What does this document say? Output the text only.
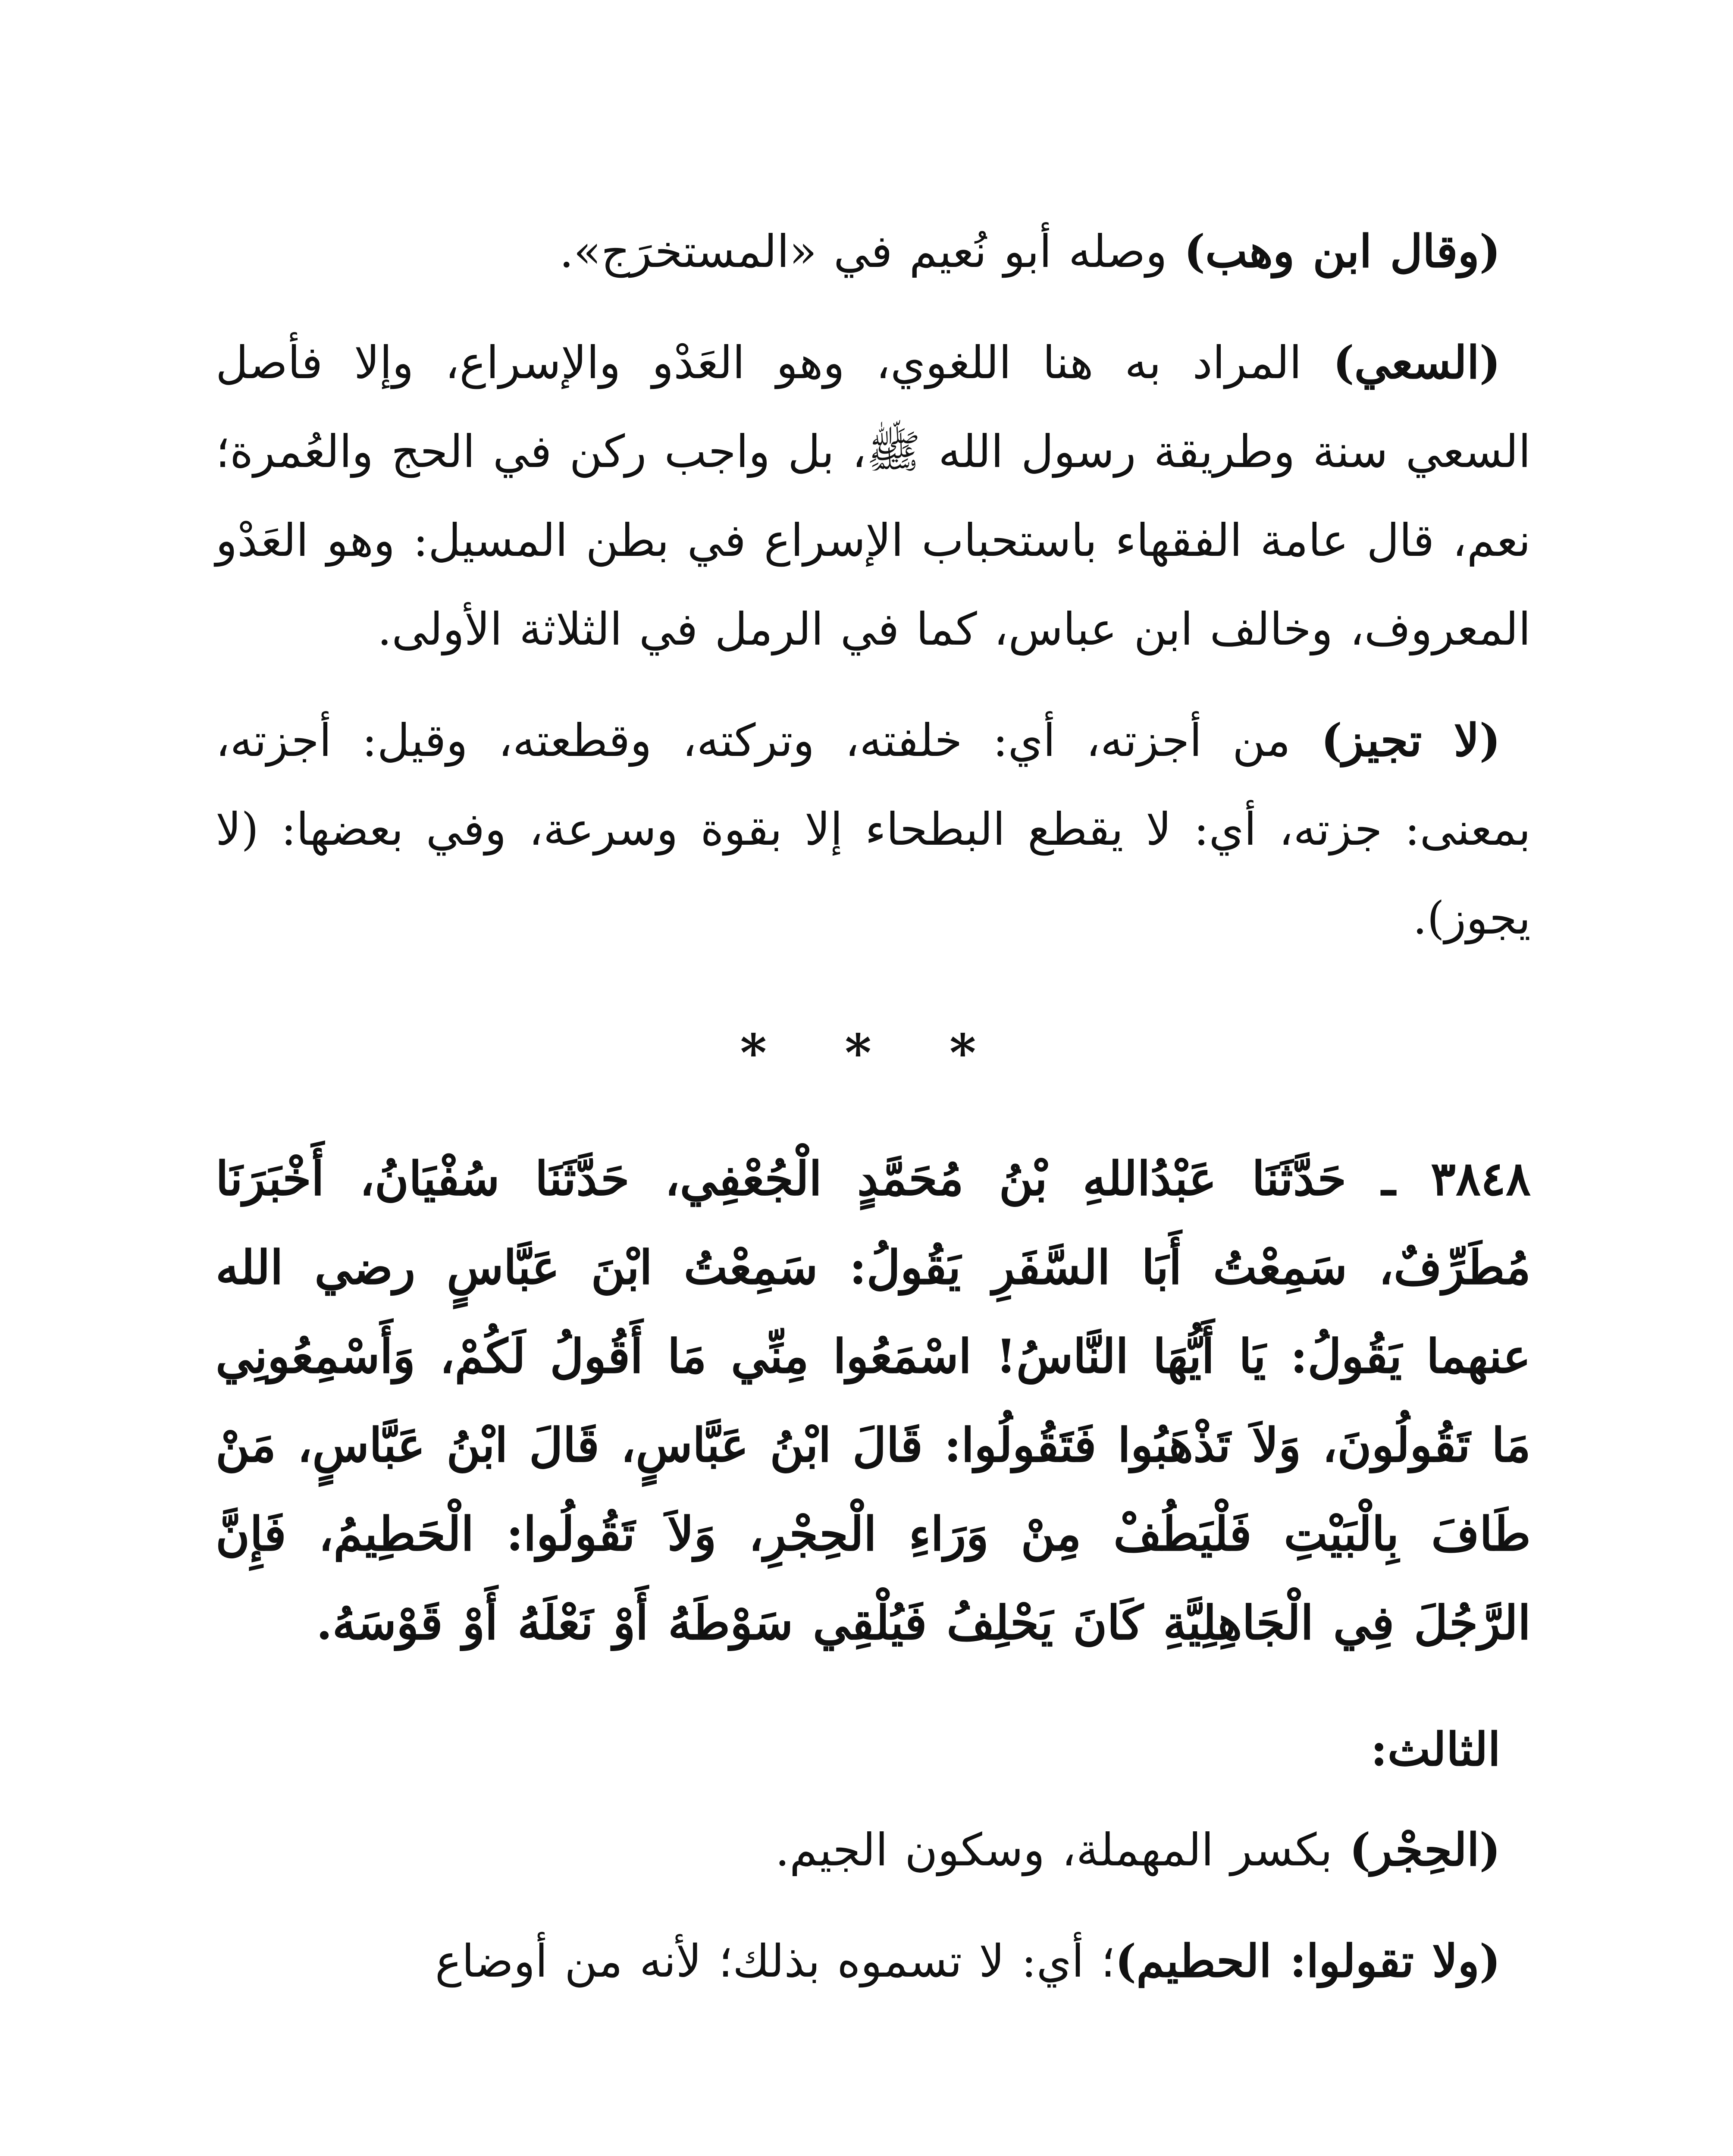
(وقال ابن وهب) وصله أبو نُعيم في «المستخرَج».

(السعي) المراد به هنا اللغوي، وهو العَدْو والإسراع، وإلا فأصل السعي سنة وطريقة رسول الله ﷺ، بل واجب ركن في الحج والعُمرة؛ نعم، قال عامة الفقهاء باستحباب الإسراع في بطن المسيل: وهو العَدْو المعروف، وخالف ابن عباس، كما في الرمل في الثلاثة الأولى.

(لا تجيز) من أجزته، أي: خلفته، وتركته، وقطعته، وقيل: أجزته، بمعنى: جزته، أي: لا يقطع البطحاء إلا بقوة وسرعة، وفي بعضها: (لا يجوز).

* * *

٣٨٤٨ ـ حَدَّثَنَا عَبْدُاللهِ بْنُ مُحَمَّدٍ الْجُعْفِي، حَدَّثَنَا سُفْيَانُ، أَخْبَرَنَا مُطَرِّفٌ، سَمِعْتُ أَبَا السَّفَرِ يَقُولُ: سَمِعْتُ ابْنَ عَبَّاسٍ رضي الله عنهما يَقُولُ: يَا أَيُّهَا النَّاسُ! اسْمَعُوا مِنِّي مَا أَقُولُ لَكُمْ، وَأَسْمِعُونِي مَا تَقُولُونَ، وَلاَ تَذْهَبُوا فَتَقُولُوا: قَالَ ابْنُ عَبَّاسٍ، قَالَ ابْنُ عَبَّاسٍ، مَنْ طَافَ بِالْبَيْتِ فَلْيَطُفْ مِنْ وَرَاءِ الْحِجْرِ، وَلاَ تَقُولُوا: الْحَطِيمُ، فَإِنَّ الرَّجُلَ فِي الْجَاهِلِيَّةِ كَانَ يَحْلِفُ فَيُلْقِي سَوْطَهُ أَوْ نَعْلَهُ أَوْ قَوْسَهُ.

الثالث:

(الحِجْر) بكسر المهملة، وسكون الجيم.

(ولا تقولوا: الحطيم)؛ أي: لا تسموه بذلك؛ لأنه من أوضاع
